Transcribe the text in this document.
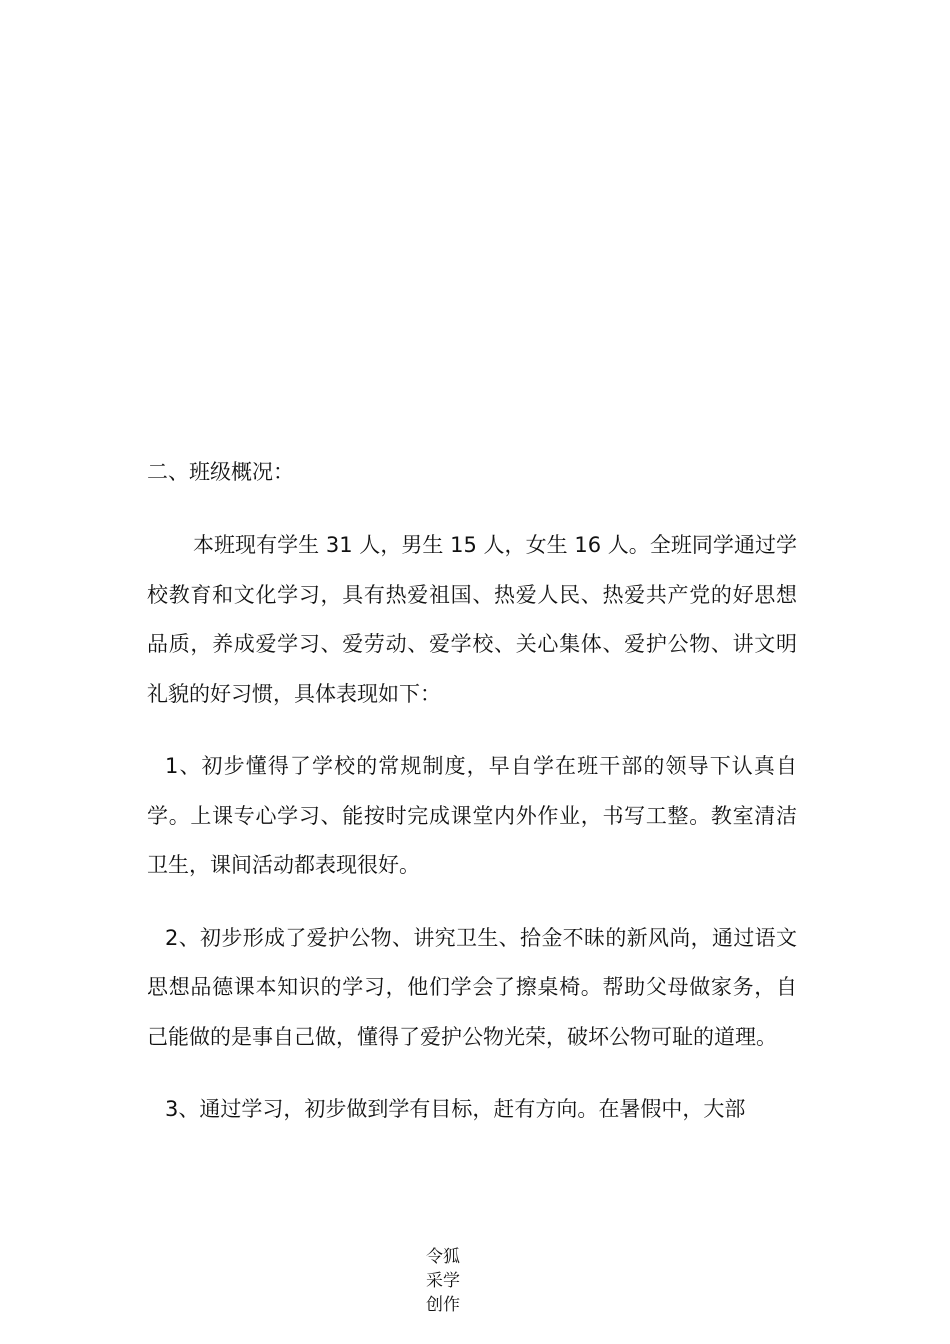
二、班级概况：

本班现有学生 31 人，男生 15 人，女生 16 人。全班同学通过学校教育和文化学习，具有热爱祖国、热爱人民、热爱共产党的好思想品质，养成爱学习、爱劳动、爱学校、关心集体、爱护公物、讲文明礼貌的好习惯，具体表现如下：

1、初步懂得了学校的常规制度，早自学在班干部的领导下认真自学。上课专心学习、能按时完成课堂内外作业，书写工整。教室清洁卫生，课间活动都表现很好。

2、初步形成了爱护公物、讲究卫生、拾金不昧的新风尚，通过语文思想品德课本知识的学习，他们学会了擦桌椅。帮助父母做家务，自己能做的是事自己做，懂得了爱护公物光荣，破坏公物可耻的道理。

3、通过学习，初步做到学有目标，赶有方向。在暑假中，大部

令狐采学创作
